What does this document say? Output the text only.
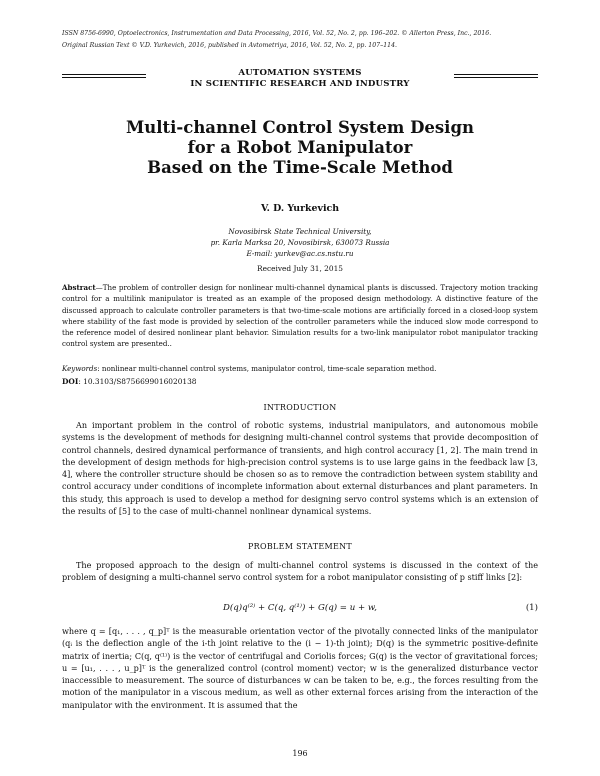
ISSN 8756-6990, Optoelectronics, Instrumentation and Data Processing, 2016, Vol. 52, No. 2, pp. 196–202. © Allerton Press, Inc., 2016.
Original Russian Text © V.D. Yurkevich, 2016, published in Avtometriya, 2016, Vol. 52, No. 2, pp. 107–114.
AUTOMATION SYSTEMS
IN SCIENTIFIC RESEARCH AND INDUSTRY
Multi-channel Control System Design
for a Robot Manipulator
Based on the Time-Scale Method
V. D. Yurkevich
Novosibirsk State Technical University,
pr. Karla Marksa 20, Novosibirsk, 630073 Russia
E-mail: yurkev@ac.cs.nstu.ru
Received July 31, 2015
Abstract—The problem of controller design for nonlinear multi-channel dynamical plants is discussed. Trajectory motion tracking control for a multilink manipulator is treated as an example of the proposed design methodology. A distinctive feature of the discussed approach to calculate controller parameters is that two-time-scale motions are artificially forced in a closed-loop system where stability of the fast mode is provided by selection of the controller parameters while the induced slow mode correspond to the reference model of desired nonlinear plant behavior. Simulation results for a two-link manipulator robot manipulator tracking control system are presented..
Keywords: nonlinear multi-channel control systems, manipulator control, time-scale separation method.
DOI: 10.3103/S8756699016020138
INTRODUCTION
An important problem in the control of robotic systems, industrial manipulators, and autonomous mobile systems is the development of methods for designing multi-channel control systems that provide decomposition of control channels, desired dynamical performance of transients, and high control accuracy [1, 2]. The main trend in the development of design methods for high-precision control systems is to use large gains in the feedback law [3, 4], where the controller structure should be chosen so as to remove the contradiction between system stability and control accuracy under conditions of incomplete information about external disturbances and plant parameters. In this study, this approach is used to develop a method for designing servo control systems which is an extension of the results of [5] to the case of multi-channel nonlinear dynamical systems.
PROBLEM STATEMENT
The proposed approach to the design of multi-channel control systems is discussed in the context of the problem of designing a multi-channel servo control system for a robot manipulator consisting of p stiff links [2]:
D(q)q⁽²⁾ + C(q, q⁽¹⁾) + G(q) = u + w,	(1)
where q = [q₁, . . . , q_p]ᵀ is the measurable orientation vector of the pivotally connected links of the manipulator (qᵢ is the deflection angle of the i-th joint relative to the (i − 1)-th joint); D(q) is the symmetric positive-definite matrix of inertia; C(q, q⁽¹⁾) is the vector of centrifugal and Coriolis forces; G(q) is the vector of gravitational forces; u = [u₁, . . . , u_p]ᵀ is the generalized control (control moment) vector; w is the generalized disturbance vector inaccessible to measurement. The source of disturbances w can be taken to be, e.g., the forces resulting from the motion of the manipulator in a viscous medium, as well as other external forces arising from the interaction of the manipulator with the environment. It is assumed that the
196
